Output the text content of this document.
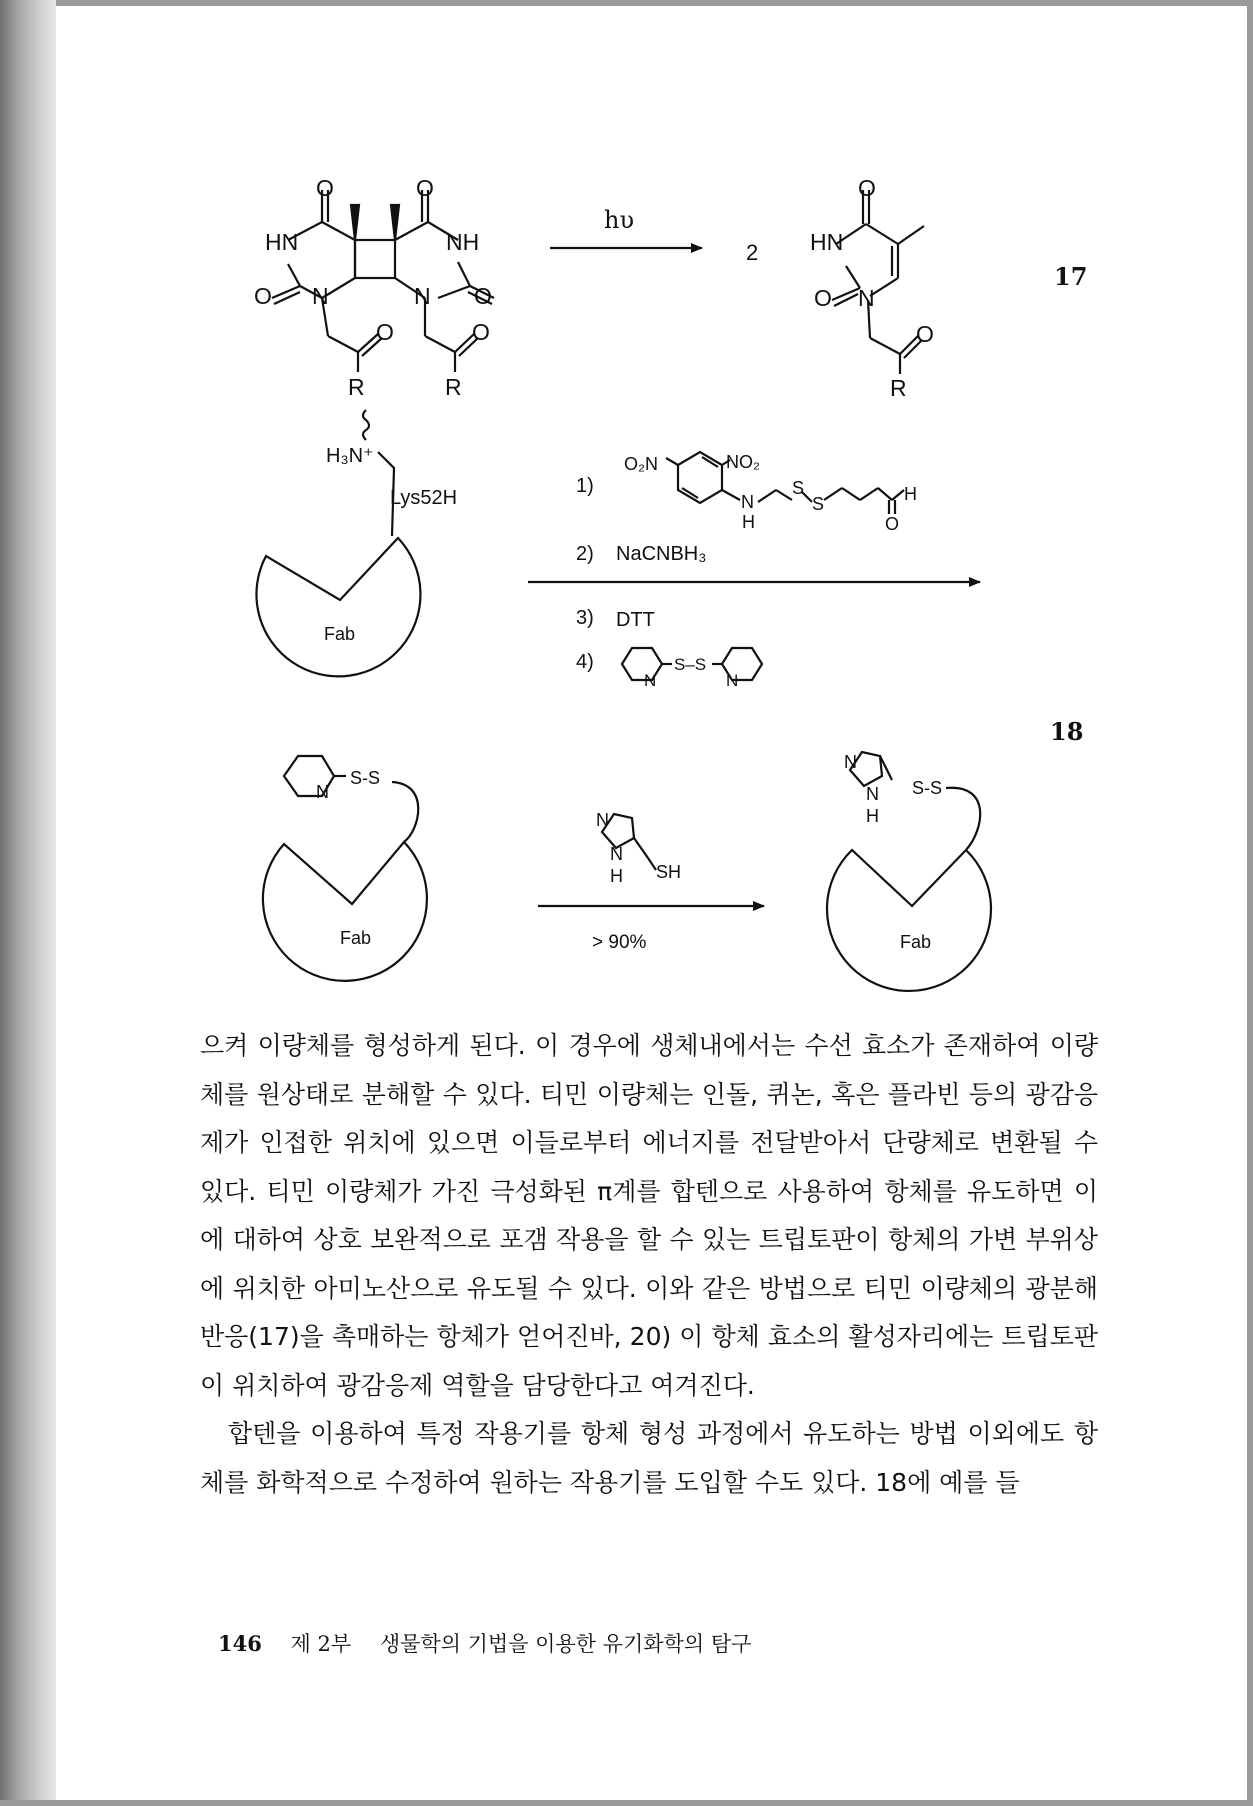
O	O
HN	NH
O	O
N	N
O	O
R	R
hυ
2
O
HN
O N
O
R
H₃N⁺
Lys52H
Fab
1)
O₂N	NO₂
N
H
S
S	H
O
2) NaCNBH₃
3) DTT
4)
N	N
S–S
18
N
S-S
Fab
N
N
H SH
> 90%
N
N
H
S-S
Fab
17

으켜 이량체를 형성하게 된다. 이 경우에 생체내에서는 수선 효소가 존재하여 이량체를 원상태로 분해할 수 있다. 티민 이량체는 인돌, 퀴논, 혹은 플라빈 등의 광감응제가 인접한 위치에 있으면 이들로부터 에너지를 전달받아서 단량체로 변환될 수 있다. 티민 이량체가 가진 극성화된 π계를 합텐으로 사용하여 항체를 유도하면 이에 대하여 상호 보완적으로 포갬 작용을 할 수 있는 트립토판이 항체의 가변 부위상에 위치한 아미노산으로 유도될 수 있다. 이와 같은 방법으로 티민 이량체의 광분해 반응(17)을 촉매하는 항체가 얻어진바, 20) 이 항체 효소의 활성자리에는 트립토판이 위치하여 광감응제 역할을 담당한다고 여겨진다.

합텐을 이용하여 특정 작용기를 항체 형성 과정에서 유도하는 방법 이외에도 항체를 화학적으로 수정하여 원하는 작용기를 도입할 수도 있다. 18에 예를 들

146 제 2부 생물학의 기법을 이용한 유기화학의 탐구
